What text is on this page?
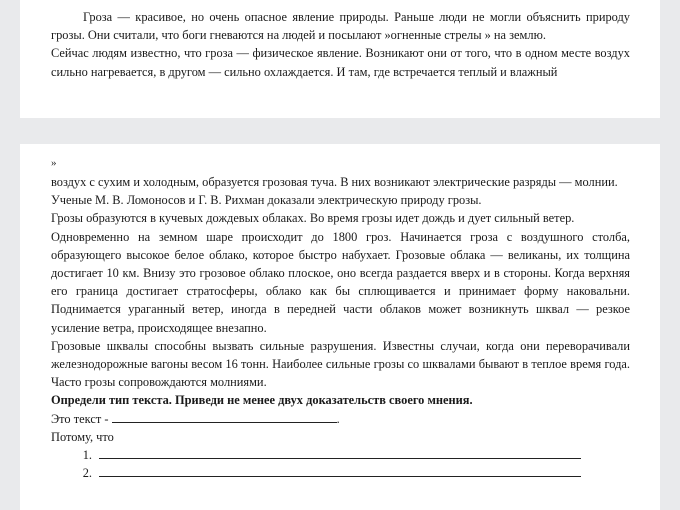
Гроза — красивое, но очень опасное явление природы. Раньше люди не могли объяснить природу грозы. Они считали, что боги гневаются на людей и посылают »огненные стрелы » на землю.

Сейчас людям известно, что гроза — физическое явление. Возникают они от того, что в одном месте воздух сильно нагревается, в другом — сильно охлаждается. И там, где встречается теплый и влажный

»

воздух с сухим и холодным, образуется грозовая туча. В них возникают электрические разряды — молнии.

Ученые М. В. Ломоносов и Г. В. Рихман доказали электрическую природу грозы.

Грозы образуются в кучевых дождевых облаках. Во время грозы идет дождь и дует сильный ветер.

Одновременно на земном шаре происходит до 1800 гроз. Начинается гроза с воздушного столба, образующего высокое белое облако, которое быстро набухает. Грозовые облака — великаны, их толщина достигает 10 км. Внизу это грозовое облако плоское, оно всегда раздается вверх и в стороны. Когда верхняя его граница достигает стратосферы, облако как бы сплющивается и принимает форму наковальни. Поднимается ураганный ветер, иногда в передней части облаков может возникнуть шквал — резкое усиление ветра, происходящее внезапно.

Грозовые шквалы способны вызвать сильные разрушения. Известны случаи, когда они переворачивали железнодорожные вагоны весом 16 тонн. Наиболее сильные грозы со шквалами бывают в теплое время года. Часто грозы сопровождаются молниями.

Определи тип текста. Приведи не менее двух доказательств своего мнения.

Это текст -	.

Потому, что

1.

2.
